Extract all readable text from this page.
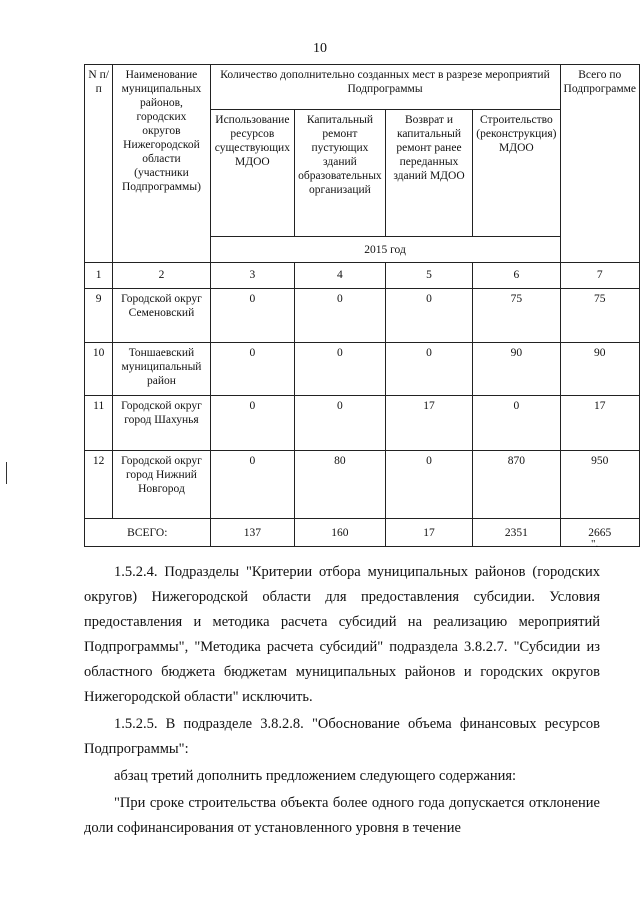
10
N п/п	Наименование муниципальных районов, городских округов Нижегородской области (участники Подпрограммы)	Количество дополнительно созданных мест в разрезе мероприятий Подпрограммы				Всего по Подпрограмме
		Использование ресурсов существующих МДОО	Капитальный ремонт пустующих зданий образовательных организаций	Возврат и капитальный ремонт ранее переданных зданий МДОО	Строительство (реконструкция) МДОО	
		2015 год				
1	2	3	4	5	6	7
9	Городской округ Семеновский	0	0	0	75	75
10	Тоншаевский муниципальный район	0	0	0	90	90
11	Городской округ город Шахунья	0	0	17	0	17
12	Городской округ город Нижний Новгород	0	80	0	870	950
ВСЕГО:		137	160	17	2351	2665
".

1.5.2.4. Подразделы "Критерии отбора муниципальных районов (городских округов) Нижегородской области для предоставления субсидии. Условия предоставления и методика расчета субсидий на реализацию мероприятий Подпрограммы", "Методика расчета субсидий" подраздела 3.8.2.7. "Субсидии из областного бюджета бюджетам муниципальных районов и городских округов Нижегородской области" исключить.

1.5.2.5. В подразделе 3.8.2.8. "Обоснование объема финансовых ресурсов Подпрограммы":

абзац третий дополнить предложением следующего содержания:

"При сроке строительства объекта более одного года допускается отклонение доли софинансирования от установленного уровня в течение
